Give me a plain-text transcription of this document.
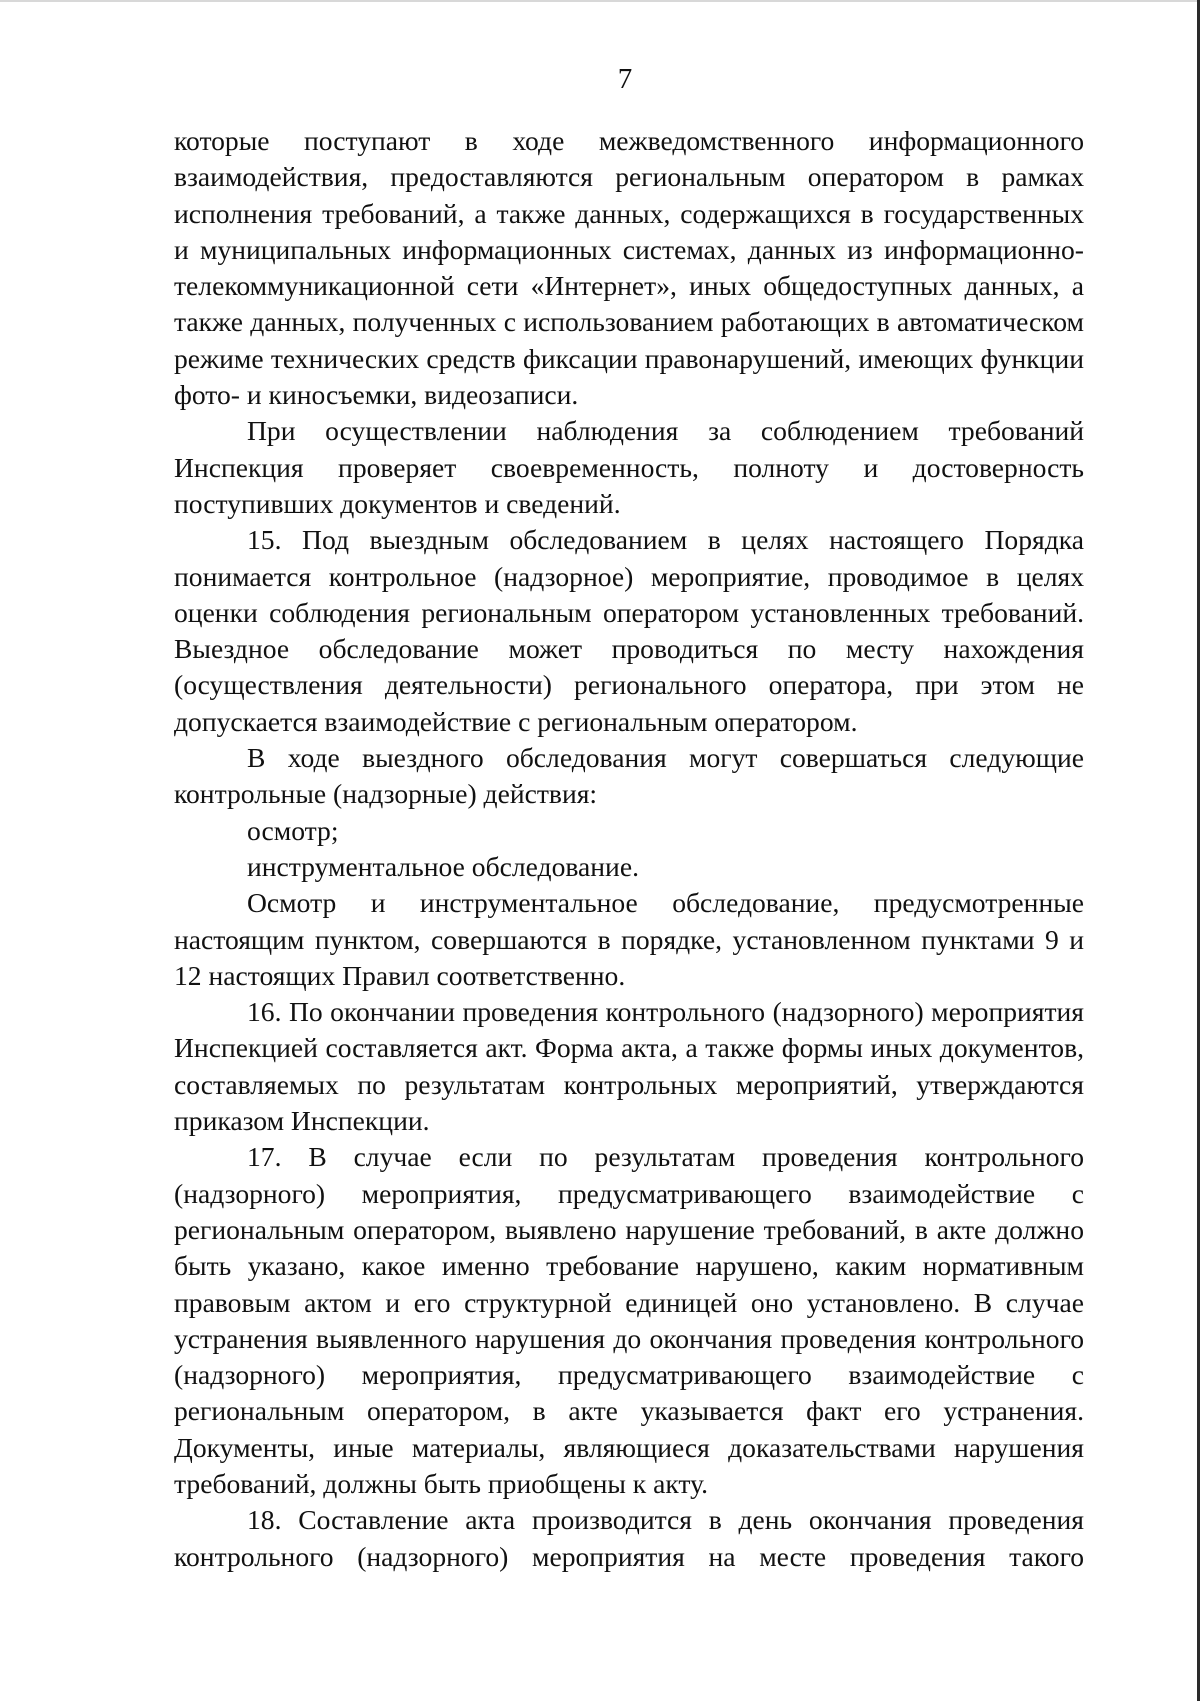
7

которые поступают в ходе межведомственного информационного взаимодействия, предоставляются региональным оператором в рамках исполнения требований, а также данных, содержащихся в государственных и муниципальных информационных системах, данных из информационно-телекоммуникационной сети «Интернет», иных общедоступных данных, а также данных, полученных с использованием работающих в автоматическом режиме технических средств фиксации правонарушений, имеющих функции фото- и киносъемки, видеозаписи.

При осуществлении наблюдения за соблюдением требований Инспекция проверяет своевременность, полноту и достоверность поступивших документов и сведений.

15. Под выездным обследованием в целях настоящего Порядка понимается контрольное (надзорное) мероприятие, проводимое в целях оценки соблюдения региональным оператором установленных требований. Выездное обследование может проводиться по месту нахождения (осуществления деятельности) регионального оператора, при этом не допускается взаимодействие с региональным оператором.

В ходе выездного обследования могут совершаться следующие контрольные (надзорные) действия:

осмотр;

инструментальное обследование.

Осмотр и инструментальное обследование, предусмотренные настоящим пунктом, совершаются в порядке, установленном пунктами 9 и 12 настоящих Правил соответственно.

16. По окончании проведения контрольного (надзорного) мероприятия Инспекцией составляется акт. Форма акта, а также формы иных документов, составляемых по результатам контрольных мероприятий, утверждаются приказом Инспекции.

17. В случае если по результатам проведения контрольного (надзорного) мероприятия, предусматривающего взаимодействие с региональным оператором, выявлено нарушение требований, в акте должно быть указано, какое именно требование нарушено, каким нормативным правовым актом и его структурной единицей оно установлено. В случае устранения выявленного нарушения до окончания проведения контрольного (надзорного) мероприятия, предусматривающего взаимодействие с региональным оператором, в акте указывается факт его устранения. Документы, иные материалы, являющиеся доказательствами нарушения требований, должны быть приобщены к акту.

18. Составление акта производится в день окончания проведения контрольного (надзорного) мероприятия на месте проведения такого
